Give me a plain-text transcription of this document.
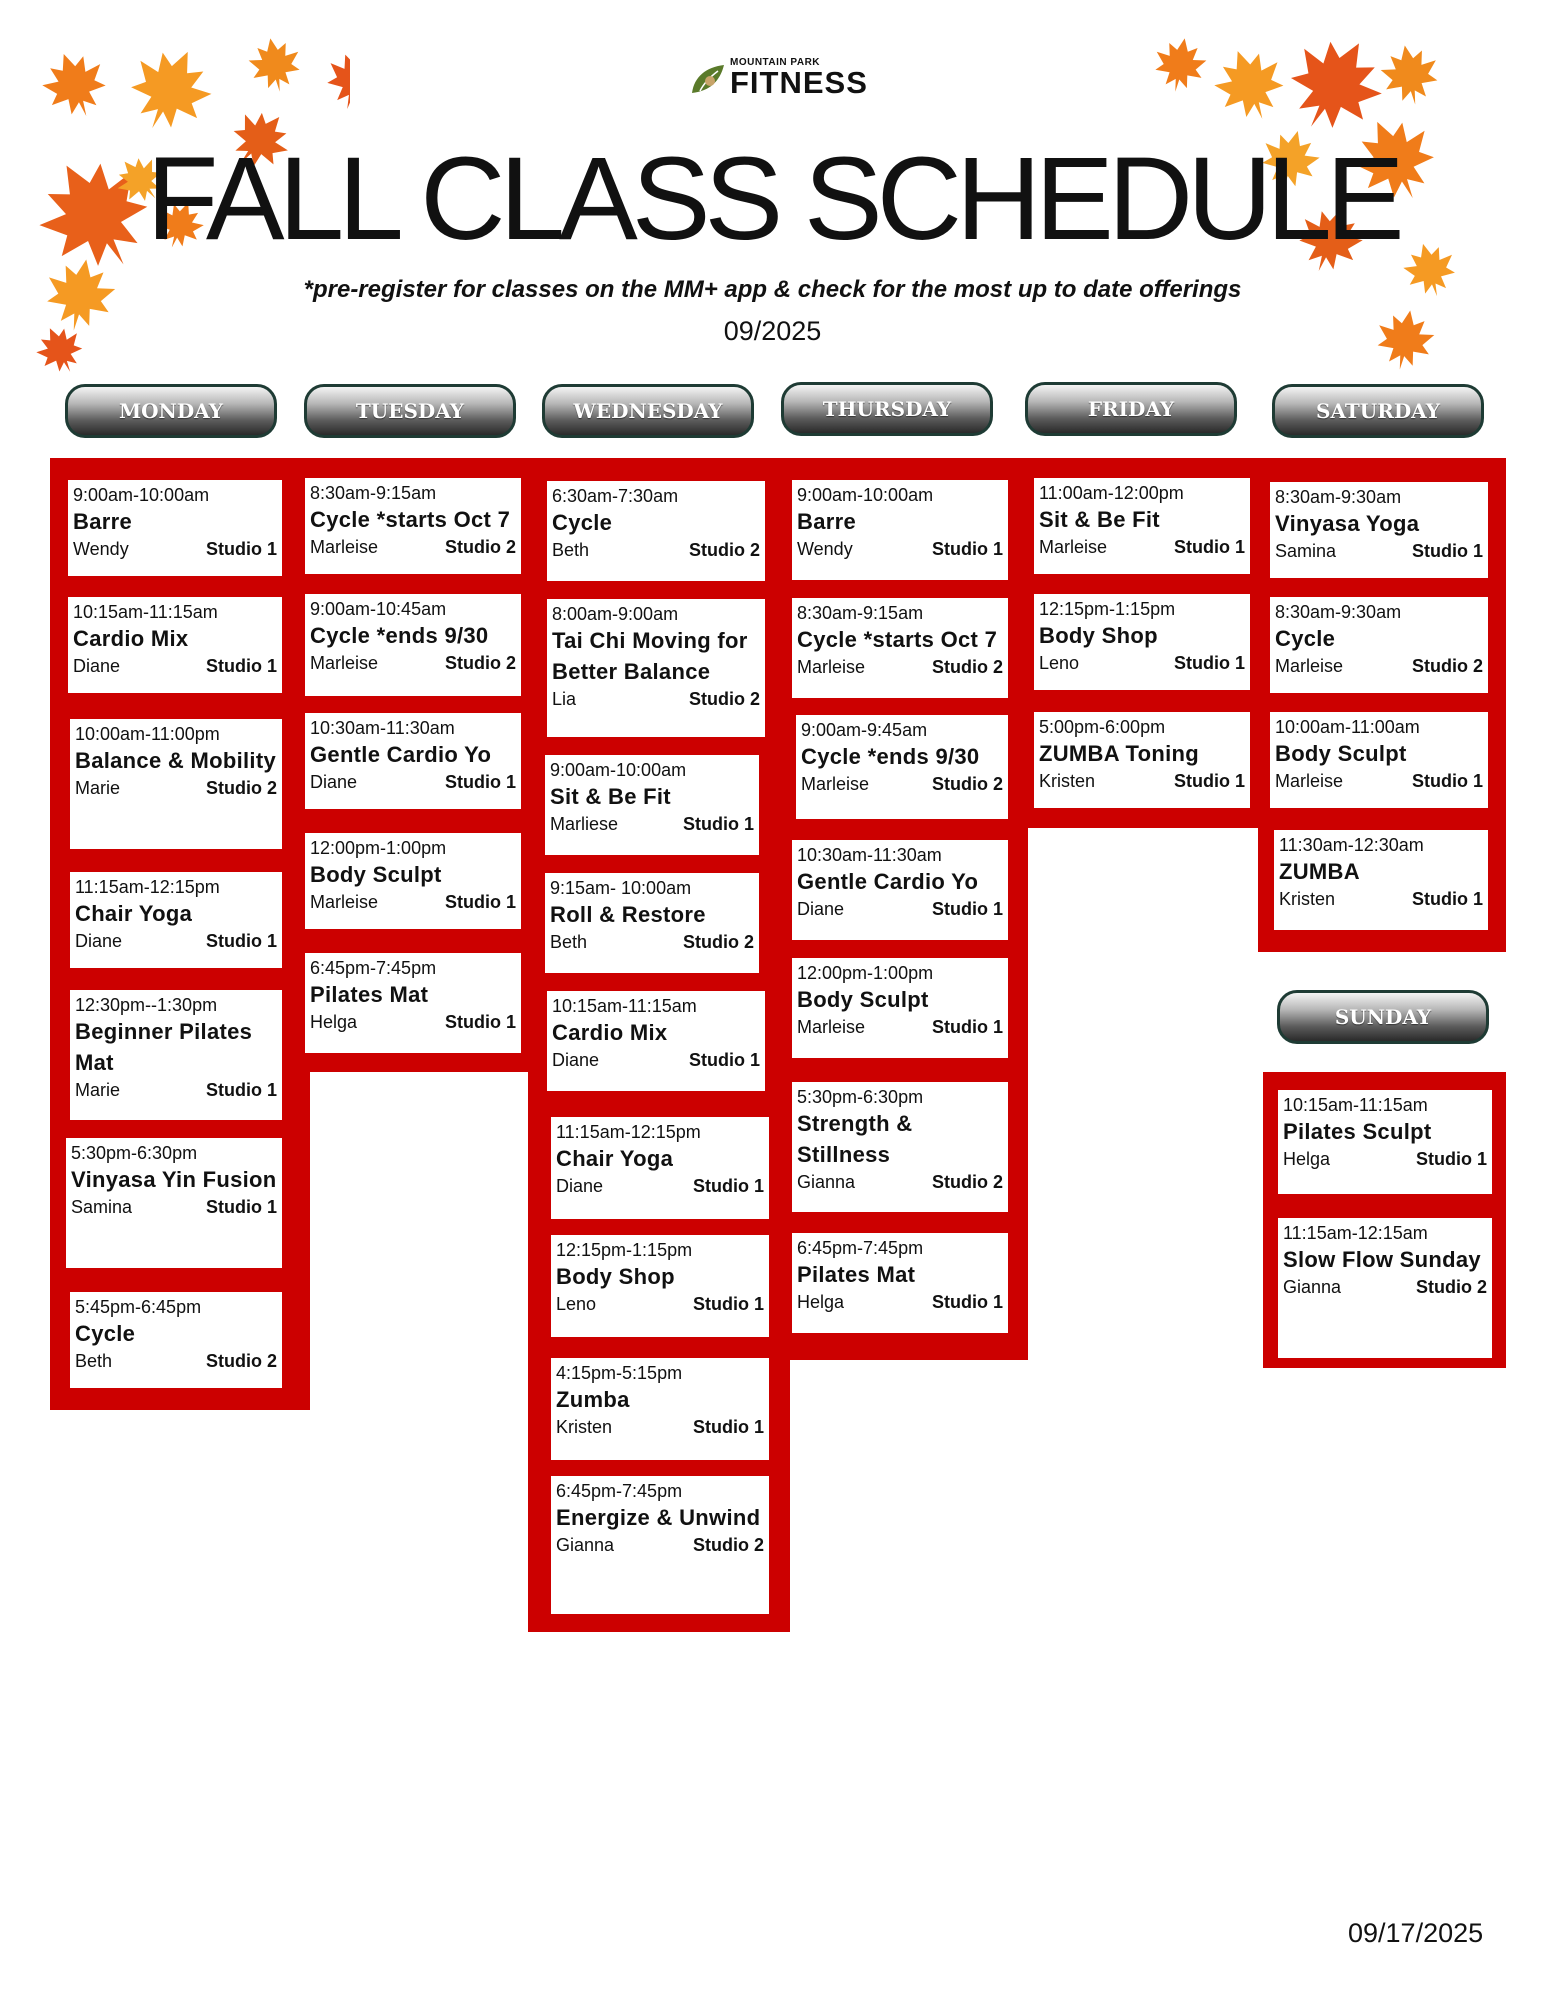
MOUNTAIN PARK
FITNESS
FALL CLASS SCHEDULE
*pre-register for classes on the MM+ app & check for the most up to date offerings
09/2025
MONDAY	TUESDAY	WEDNESDAY	THURSDAY	FRIDAY	SATURDAY
SUNDAY
9:00am-10:00am
Barre
Wendy	Studio 1
10:15am-11:15am
Cardio Mix
Diane	Studio 1
10:00am-11:00pm
Balance & Mobility
Marie	Studio 2
11:15am-12:15pm
Chair Yoga
Diane	Studio 1
12:30pm--1:30pm
Beginner Pilates Mat
Marie	Studio 1
5:30pm-6:30pm
Vinyasa Yin Fusion
Samina	Studio 1
5:45pm-6:45pm
Cycle
Beth	Studio 2
8:30am-9:15am
Cycle *starts Oct 7
Marleise	Studio 2
9:00am-10:45am
Cycle *ends 9/30
Marleise	Studio 2
10:30am-11:30am
Gentle Cardio Yo
Diane	Studio 1
12:00pm-1:00pm
Body Sculpt
Marleise	Studio 1
6:45pm-7:45pm
Pilates Mat
Helga	Studio 1
6:30am-7:30am
Cycle
Beth	Studio 2
8:00am-9:00am
Tai Chi Moving for Better Balance
Lia	Studio 2
9:00am-10:00am
Sit & Be Fit
Marliese	Studio 1
9:15am- 10:00am
Roll & Restore
Beth	Studio 2
10:15am-11:15am
Cardio Mix
Diane	Studio 1
11:15am-12:15pm
Chair Yoga
Diane	Studio 1
12:15pm-1:15pm
Body Shop
Leno	Studio 1
4:15pm-5:15pm
Zumba
Kristen	Studio 1
6:45pm-7:45pm
Energize & Unwind
Gianna	Studio 2
9:00am-10:00am
Barre
Wendy	Studio 1
8:30am-9:15am
Cycle *starts Oct 7
Marleise	Studio 2
9:00am-9:45am
Cycle *ends 9/30
Marleise	Studio 2
10:30am-11:30am
Gentle Cardio Yo
Diane	Studio 1
12:00pm-1:00pm
Body Sculpt
Marleise	Studio 1
5:30pm-6:30pm
Strength & Stillness
Gianna	Studio 2
6:45pm-7:45pm
Pilates Mat
Helga	Studio 1
11:00am-12:00pm
Sit & Be Fit
Marleise	Studio 1
12:15pm-1:15pm
Body Shop
Leno	Studio 1
5:00pm-6:00pm
ZUMBA Toning
Kristen	Studio 1
8:30am-9:30am
Vinyasa Yoga
Samina	Studio 1
8:30am-9:30am
Cycle
Marleise	Studio 2
10:00am-11:00am
Body Sculpt
Marleise	Studio 1
11:30am-12:30am
ZUMBA
Kristen	Studio 1
10:15am-11:15am
Pilates Sculpt
Helga	Studio 1
11:15am-12:15am
Slow Flow Sunday
Gianna	Studio 2
09/17/2025
